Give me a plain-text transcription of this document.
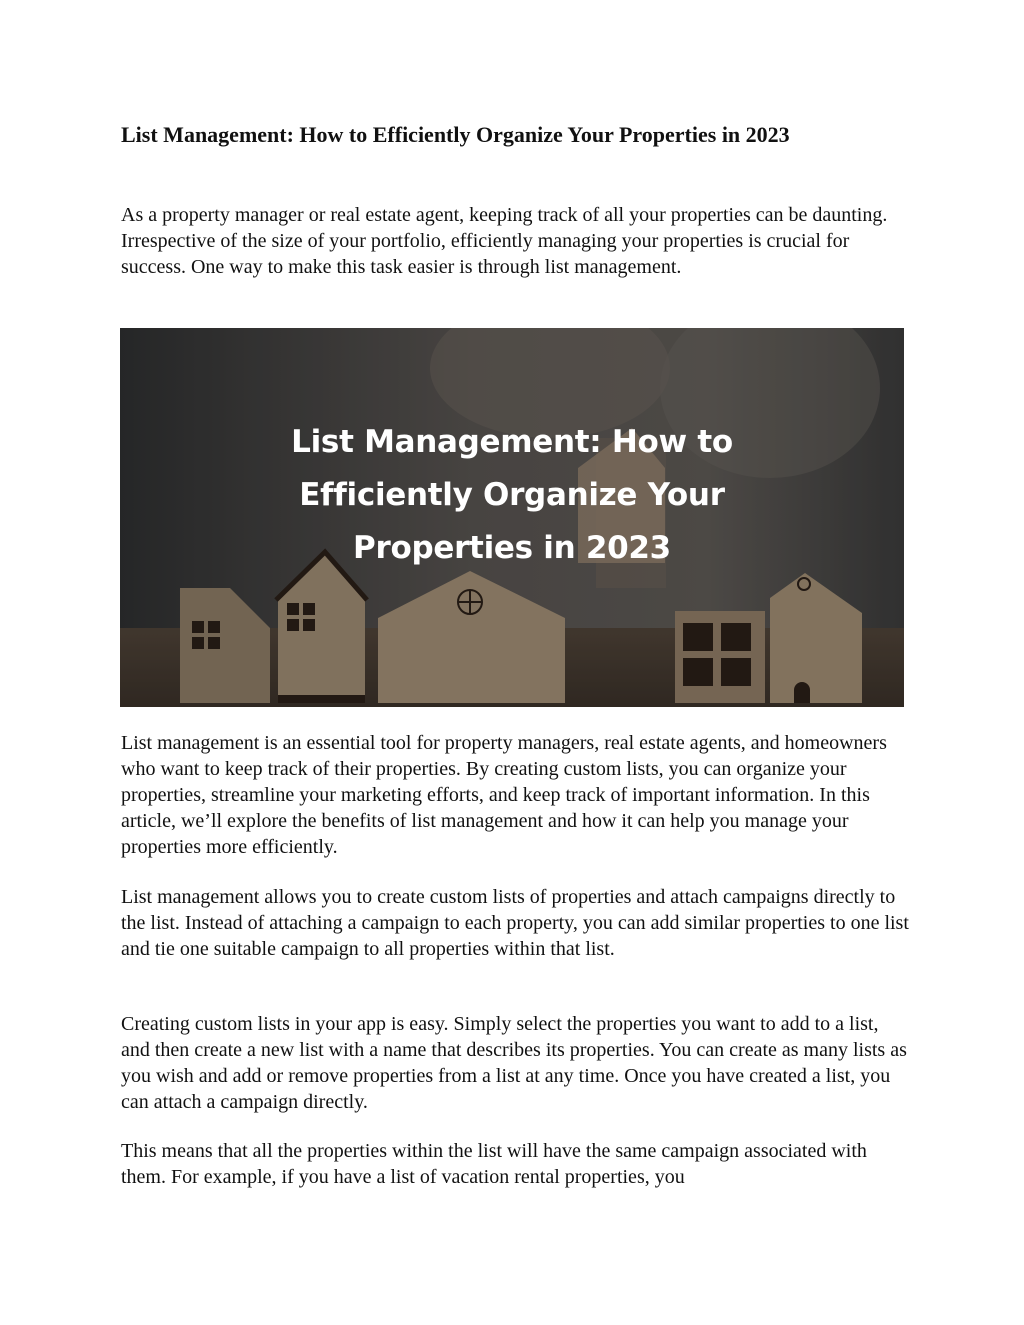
List Management: How to Efficiently Organize Your Properties in 2023

As a property manager or real estate agent, keeping track of all your properties can be daunting. Irrespective of the size of your portfolio, efficiently managing your properties is crucial for success. One way to make this task easier is through list management.

List Management: How to
Efficiently Organize Your
Properties in 2023

List management is an essential tool for property managers, real estate agents, and homeowners who want to keep track of their properties. By creating custom lists, you can organize your properties, streamline your marketing efforts, and keep track of important information. In this article, we’ll explore the benefits of list management and how it can help you manage your properties more efficiently.

List management allows you to create custom lists of properties and attach campaigns directly to the list. Instead of attaching a campaign to each property, you can add similar properties to one list and tie one suitable campaign to all properties within that list.

Creating custom lists in your app is easy. Simply select the properties you want to add to a list, and then create a new list with a name that describes its properties. You can create as many lists as you wish and add or remove properties from a list at any time. Once you have created a list, you can attach a campaign directly.

This means that all the properties within the list will have the same campaign associated with them. For example, if you have a list of vacation rental properties, you
